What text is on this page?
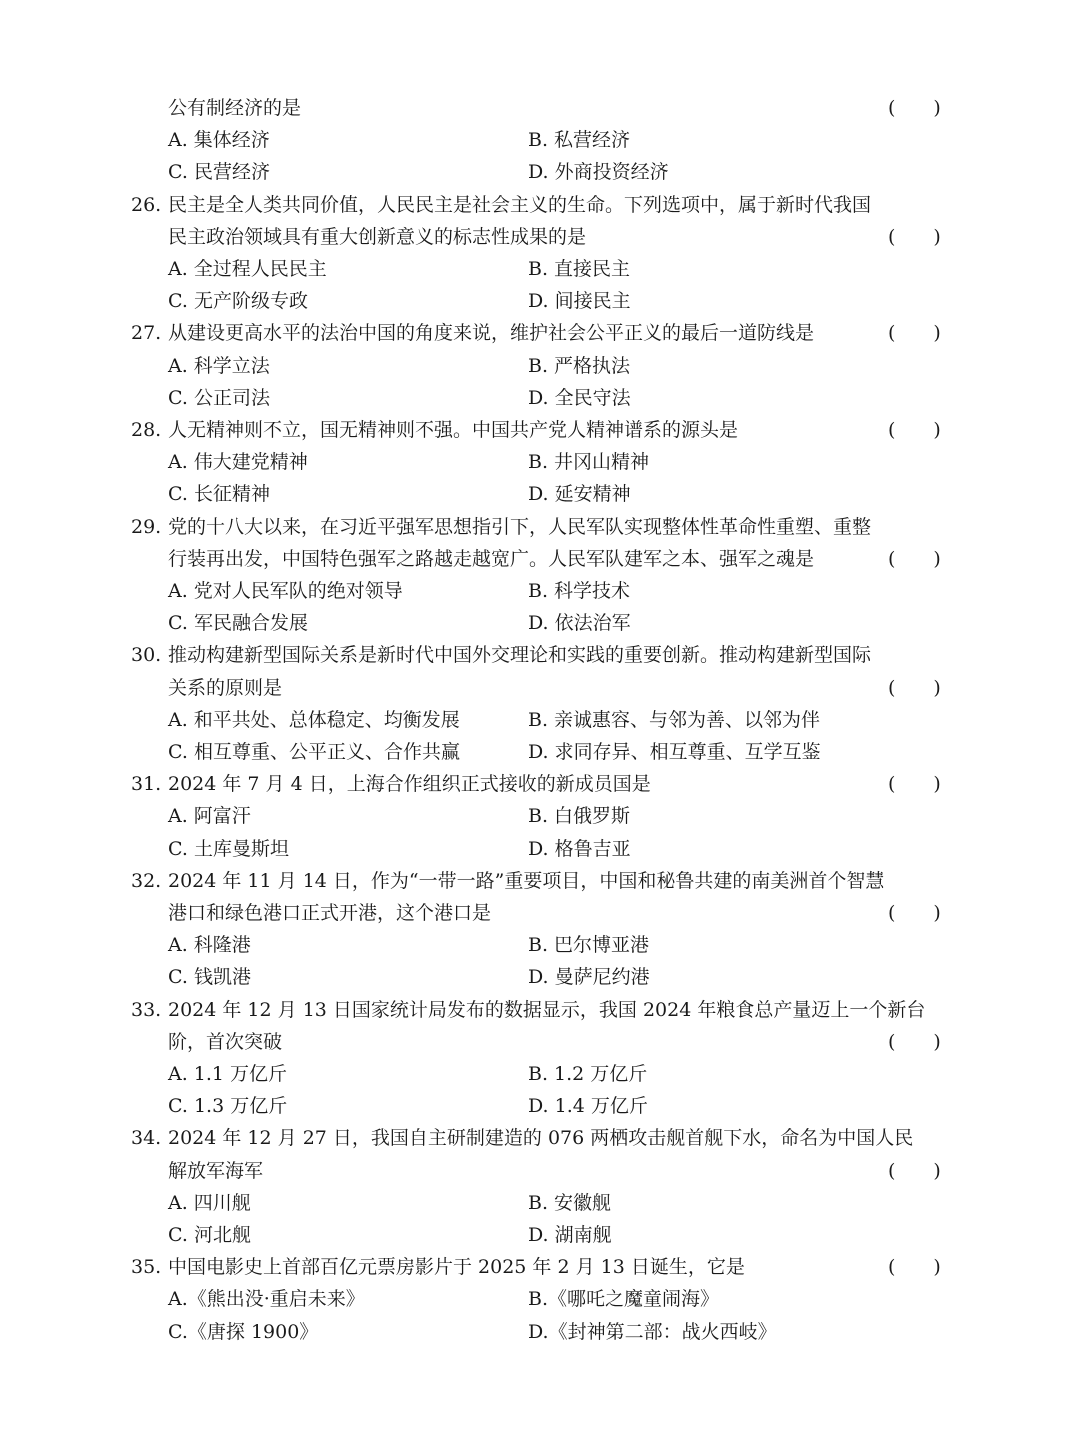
公有制经济的是	(　　)
A. 集体经济	B. 私营经济
C. 民营经济	D. 外商投资经济
26. 民主是全人类共同价值，人民民主是社会主义的生命。下列选项中，属于新时代我国
民主政治领域具有重大创新意义的标志性成果的是	(　　)
A. 全过程人民民主	B. 直接民主
C. 无产阶级专政	D. 间接民主
27. 从建设更高水平的法治中国的角度来说，维护社会公平正义的最后一道防线是	(　　)
A. 科学立法	B. 严格执法
C. 公正司法	D. 全民守法
28. 人无精神则不立，国无精神则不强。中国共产党人精神谱系的源头是	(　　)
A. 伟大建党精神	B. 井冈山精神
C. 长征精神	D. 延安精神
29. 党的十八大以来，在习近平强军思想指引下，人民军队实现整体性革命性重塑、重整
行装再出发，中国特色强军之路越走越宽广。人民军队建军之本、强军之魂是	(　　)
A. 党对人民军队的绝对领导	B. 科学技术
C. 军民融合发展	D. 依法治军
30. 推动构建新型国际关系是新时代中国外交理论和实践的重要创新。推动构建新型国际
关系的原则是	(　　)
A. 和平共处、总体稳定、均衡发展	B. 亲诚惠容、与邻为善、以邻为伴
C. 相互尊重、公平正义、合作共赢	D. 求同存异、相互尊重、互学互鉴
31. 2024 年 7 月 4 日，上海合作组织正式接收的新成员国是	(　　)
A. 阿富汗	B. 白俄罗斯
C. 土库曼斯坦	D. 格鲁吉亚
32. 2024 年 11 月 14 日，作为“一带一路”重要项目，中国和秘鲁共建的南美洲首个智慧
港口和绿色港口正式开港，这个港口是	(　　)
A. 科隆港	B. 巴尔博亚港
C. 钱凯港	D. 曼萨尼约港
33. 2024 年 12 月 13 日国家统计局发布的数据显示，我国 2024 年粮食总产量迈上一个新台
阶，首次突破	(　　)
A. 1.1 万亿斤	B. 1.2 万亿斤
C. 1.3 万亿斤	D. 1.4 万亿斤
34. 2024 年 12 月 27 日，我国自主研制建造的 076 两栖攻击舰首舰下水，命名为中国人民
解放军海军	(　　)
A. 四川舰	B. 安徽舰
C. 河北舰	D. 湖南舰
35. 中国电影史上首部百亿元票房影片于 2025 年 2 月 13 日诞生，它是	(　　)
A.《熊出没·重启未来》	B.《哪吒之魔童闹海》
C.《唐探 1900》	D.《封神第二部：战火西岐》
